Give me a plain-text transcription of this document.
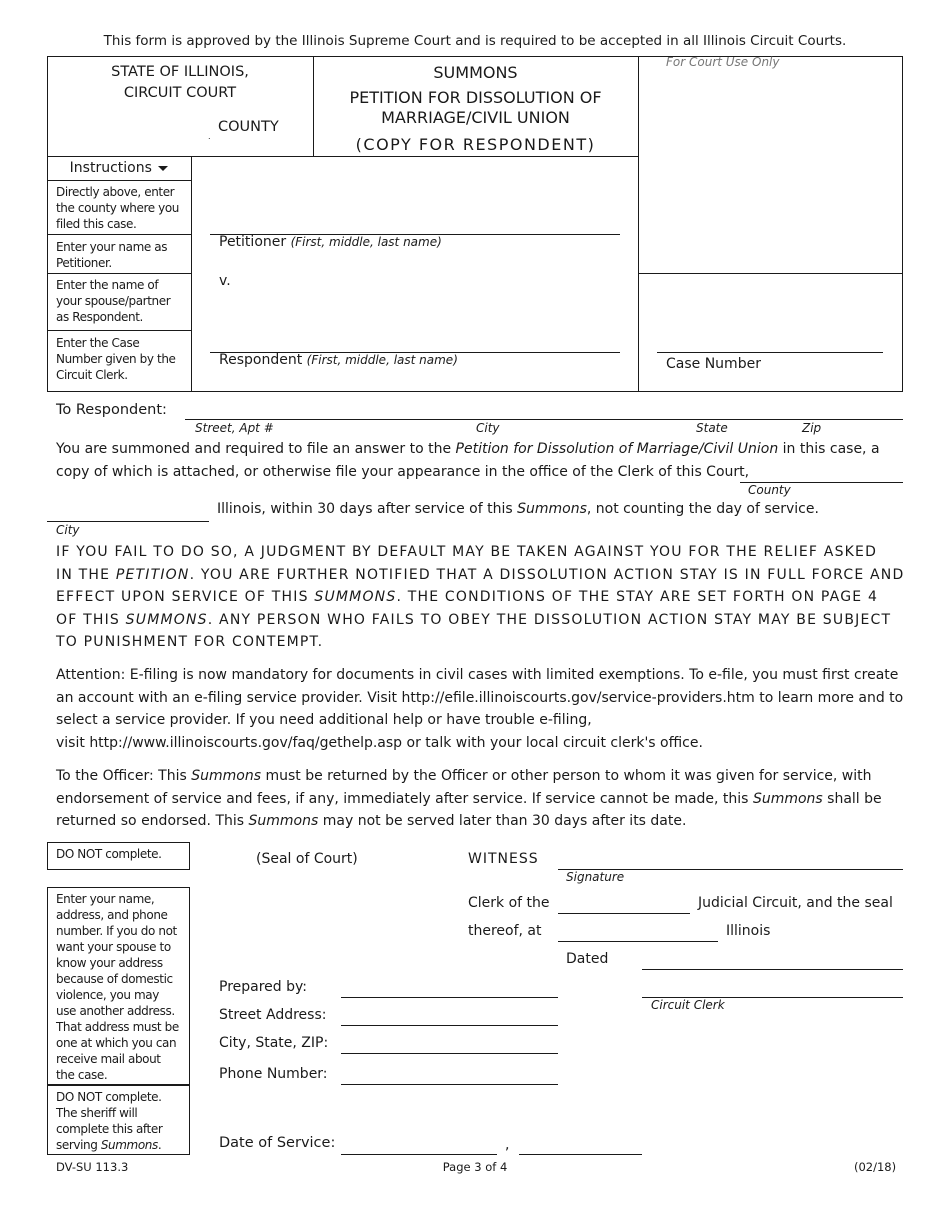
This form is approved by the Illinois Supreme Court and is required to be accepted in all Illinois Circuit Courts.
STATE OF ILLINOIS,
CIRCUIT COURT
.
COUNTY
SUMMONS
PETITION FOR DISSOLUTION OF
MARRIAGE/CIVIL UNION
(COPY FOR RESPONDENT)
For Court Use Only
Instructions
Directly above, enter the county where you filed this case.
Enter your name as Petitioner.
Enter the name of your spouse/partner as Respondent.
Enter the Case Number given by the Circuit Clerk.
Petitioner (First, middle, last name)
v.
Respondent (First, middle, last name)	Case Number
To Respondent:
Street, Apt #	City	State	Zip
You are summoned and required to file an answer to the Petition for Dissolution of Marriage/Civil Union in this case, a
copy of which is attached, or otherwise file your appearance in the office of the Clerk of this Court,
County
Illinois, within 30 days after service of this Summons, not counting the day of service.
City
IF YOU FAIL TO DO SO, A JUDGMENT BY DEFAULT MAY BE TAKEN AGAINST YOU FOR THE RELIEF ASKED
IN THE PETITION. YOU ARE FURTHER NOTIFIED THAT A DISSOLUTION ACTION STAY IS IN FULL FORCE AND
EFFECT UPON SERVICE OF THIS SUMMONS. THE CONDITIONS OF THE STAY ARE SET FORTH ON PAGE 4
OF THIS SUMMONS. ANY PERSON WHO FAILS TO OBEY THE DISSOLUTION ACTION STAY MAY BE SUBJECT
TO PUNISHMENT FOR CONTEMPT.
Attention: E-filing is now mandatory for documents in civil cases with limited exemptions. To e-file, you must first create
an account with an e-filing service provider. Visit http://efile.illinoiscourts.gov/service-providers.htm to learn more and to
select a service provider. If you need additional help or have trouble e-filing,
visit http://www.illinoiscourts.gov/faq/gethelp.asp or talk with your local circuit clerk's office.
To the Officer: This Summons must be returned by the Officer or other person to whom it was given for service, with
endorsement of service and fees, if any, immediately after service. If service cannot be made, this Summons shall be
returned so endorsed. This Summons may not be served later than 30 days after its date.
DO NOT complete.
Enter your name, address, and phone number. If you do not want your spouse to know your address because of domestic violence, you may use another address. That address must be one at which you can receive mail about the case.
DO NOT complete. The sheriff will complete this after serving Summons.
(Seal of Court)	WITNESS
Signature
Clerk of the	Judicial Circuit, and the seal
thereof, at	Illinois
Dated
Circuit Clerk
Prepared by:
Street Address:
City, State, ZIP:
Phone Number:
Date of Service:	,
DV-SU 113.3	Page 3 of 4	(02/18)
